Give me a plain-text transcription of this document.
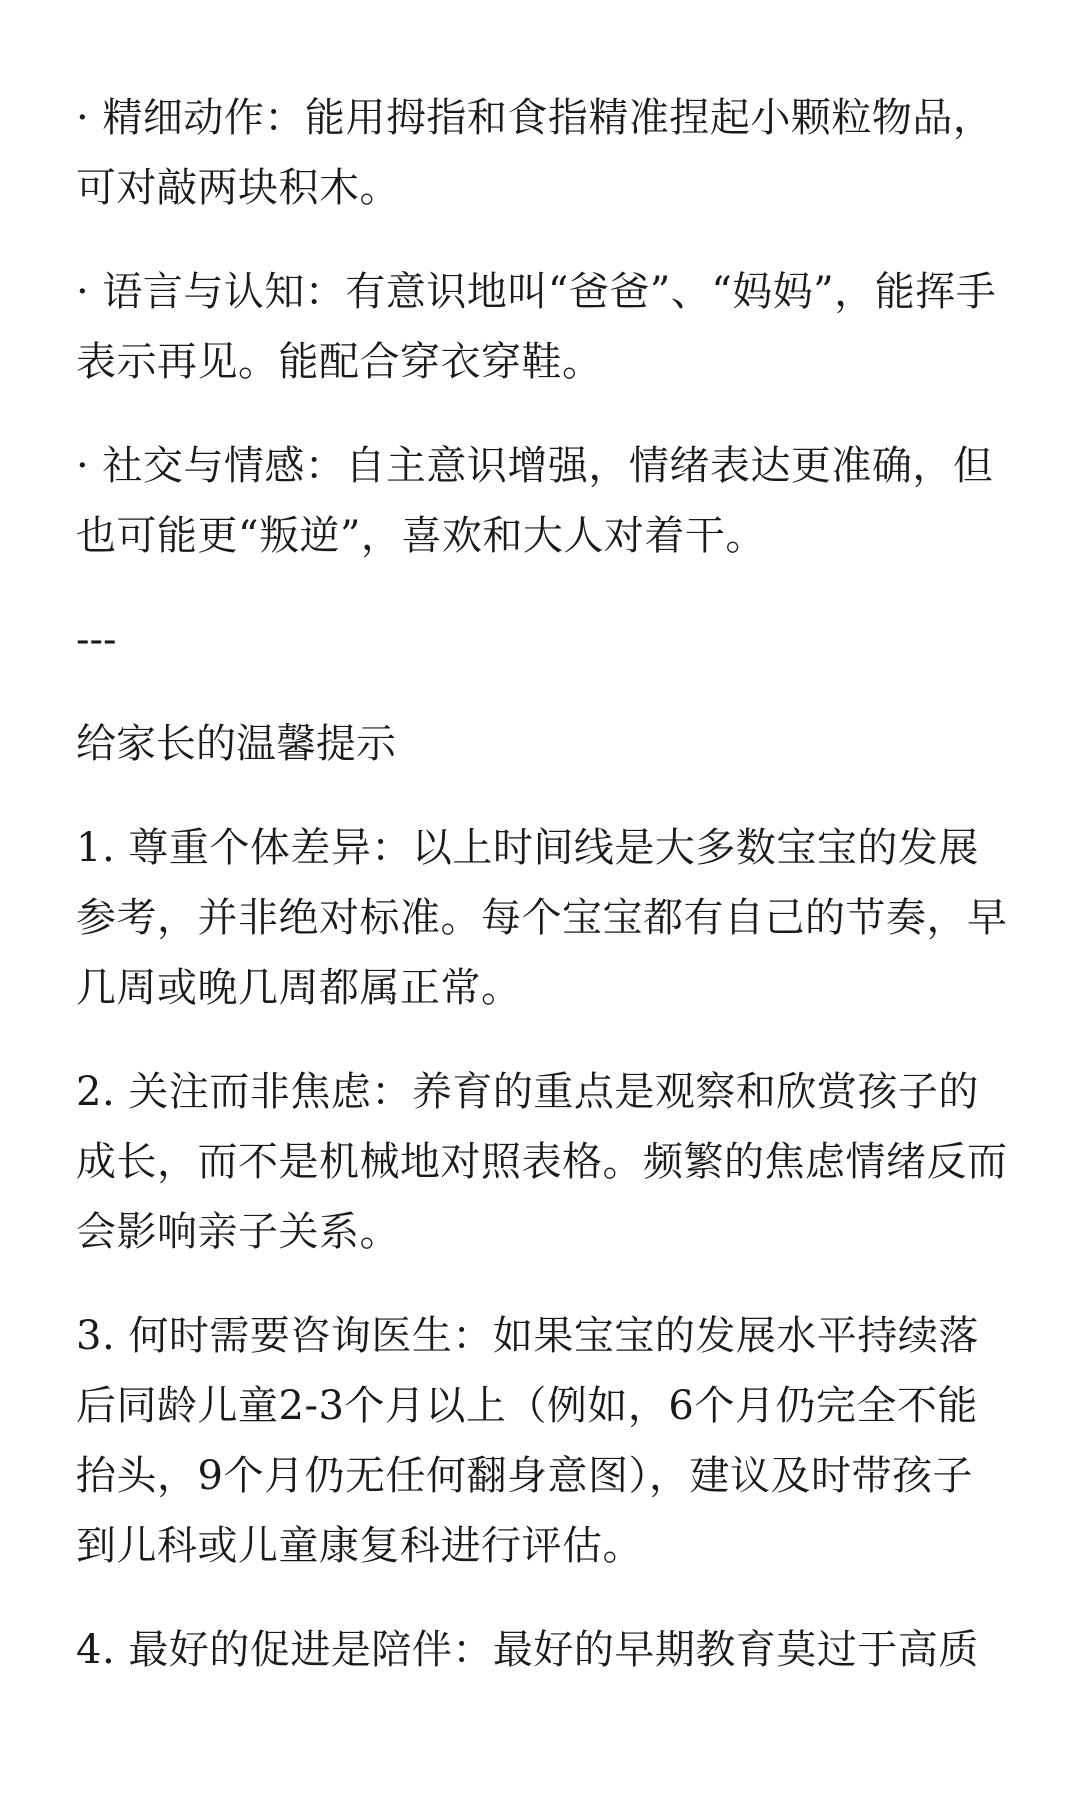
· 精细动作：能用拇指和食指精准捏起小颗粒物品，可对敲两块积木。

· 语言与认知：有意识地叫“爸爸”、“妈妈”，能挥手表示再见。能配合穿衣穿鞋。

· 社交与情感：自主意识增强，情绪表达更准确，但也可能更“叛逆”，喜欢和大人对着干。

---
给家长的温馨提示

1. 尊重个体差异：以上时间线是大多数宝宝的发展参考，并非绝对标准。每个宝宝都有自己的节奏，早几周或晚几周都属正常。

2. 关注而非焦虑：养育的重点是观察和欣赏孩子的成长，而不是机械地对照表格。频繁的焦虑情绪反而会影响亲子关系。

3. 何时需要咨询医生：如果宝宝的发展水平持续落后同龄儿童2-3个月以上（例如，6个月仍完全不能抬头，9个月仍无任何翻身意图），建议及时带孩子到儿科或儿童康复科进行评估。

4. 最好的促进是陪伴：最好的早期教育莫过于高质
